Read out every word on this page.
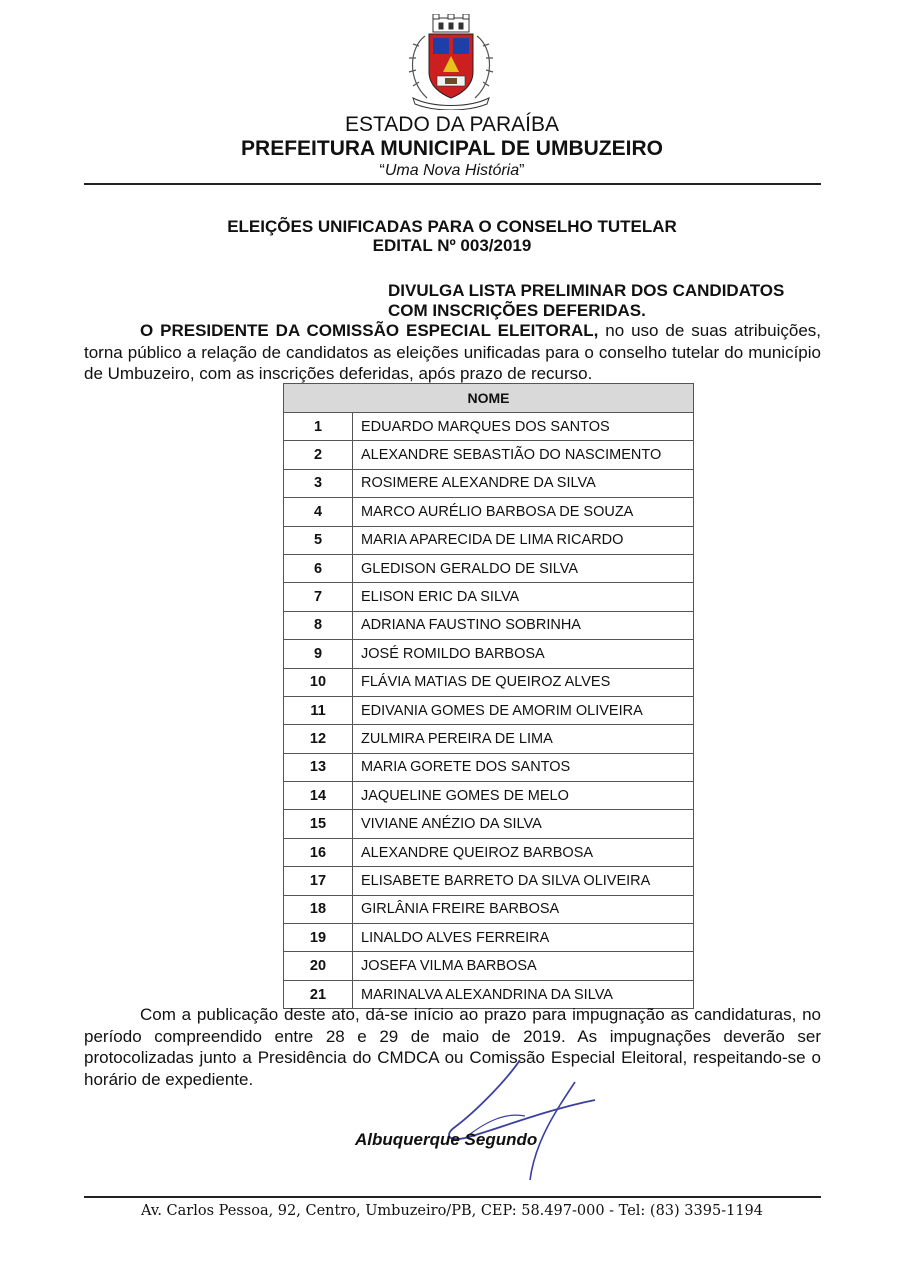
ESTADO DA PARAÍBA
PREFEITURA MUNICIPAL DE UMBUZEIRO
“Uma Nova História”
ELEIÇÕES UNIFICADAS PARA O CONSELHO TUTELAR
EDITAL Nº 003/2019
DIVULGA LISTA PRELIMINAR DOS CANDIDATOS
COM INSCRIÇÕES DEFERIDAS.
O PRESIDENTE DA COMISSÃO ESPECIAL ELEITORAL, no uso de suas atribuições, torna público a relação de candidatos as eleições unificadas para o conselho tutelar do município de Umbuzeiro, com as inscrições deferidas, após prazo de recurso.
NOME	
1	EDUARDO MARQUES DOS SANTOS
2	ALEXANDRE SEBASTIÃO DO NASCIMENTO
3	ROSIMERE ALEXANDRE DA SILVA
4	MARCO AURÉLIO BARBOSA DE SOUZA
5	MARIA APARECIDA DE LIMA RICARDO
6	GLEDISON GERALDO DE SILVA
7	ELISON ERIC DA SILVA
8	ADRIANA FAUSTINO SOBRINHA
9	JOSÉ ROMILDO BARBOSA
10	FLÁVIA MATIAS DE QUEIROZ ALVES
11	EDIVANIA GOMES DE AMORIM OLIVEIRA
12	ZULMIRA PEREIRA DE LIMA
13	MARIA GORETE DOS SANTOS
14	JAQUELINE GOMES DE MELO
15	VIVIANE ANÉZIO DA SILVA
16	ALEXANDRE QUEIROZ BARBOSA
17	ELISABETE BARRETO DA SILVA OLIVEIRA
18	GIRLÂNIA FREIRE BARBOSA
19	LINALDO ALVES FERREIRA
20	JOSEFA VILMA BARBOSA
21	MARINALVA ALEXANDRINA DA SILVA
Com a publicação deste ato, dá-se início ao prazo para impugnação as candidaturas, no período compreendido entre 28 e 29 de maio de 2019. As impugnações deverão ser protocolizadas junto a Presidência do CMDCA ou Comissão Especial Eleitoral, respeitando-se o horário de expediente.
Albuquerque Segundo
Av. Carlos Pessoa, 92, Centro, Umbuzeiro/PB, CEP: 58.497-000 - Tel: (83) 3395-1194
